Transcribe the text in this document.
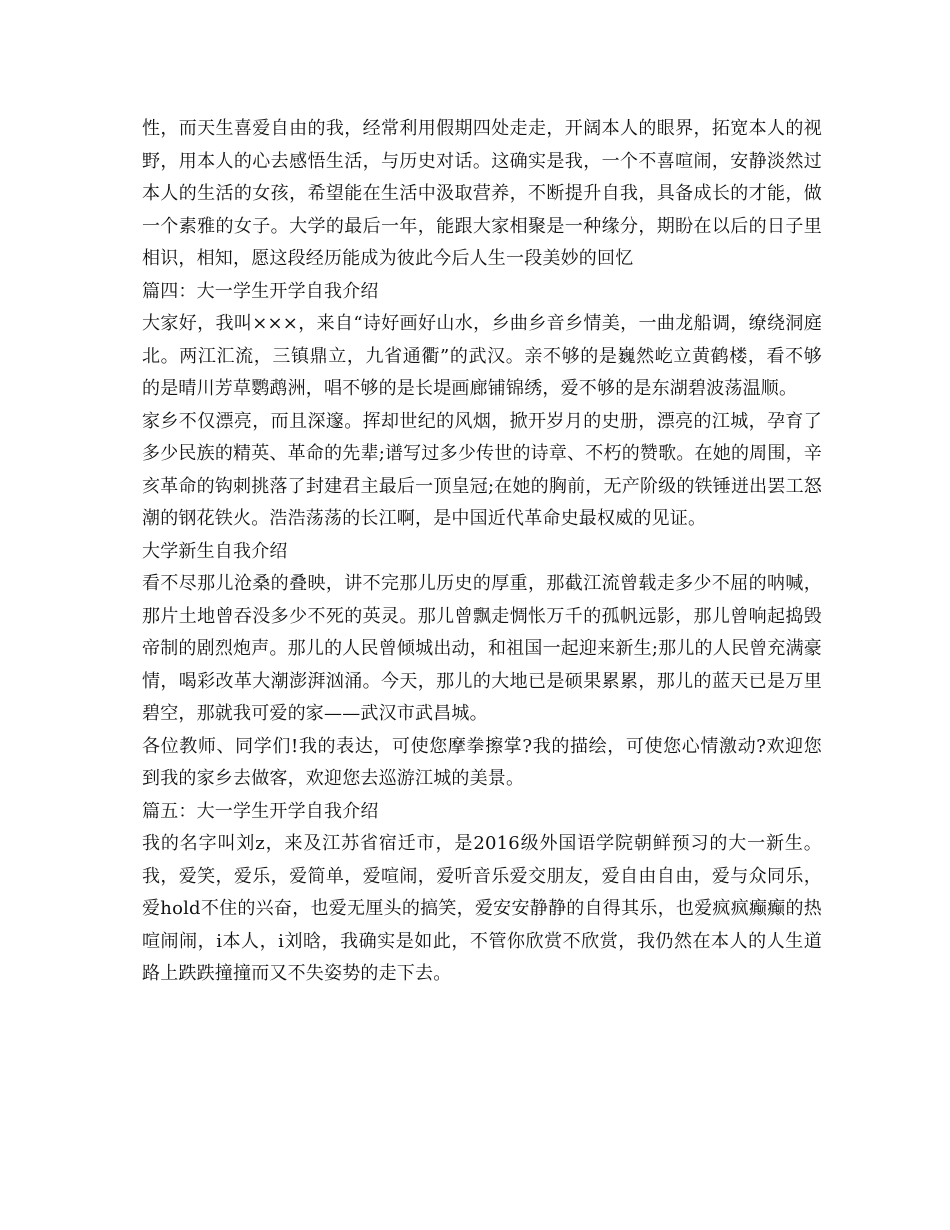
性，而天生喜爱自由的我，经常利用假期四处走走，开阔本人的眼界，拓宽本人的视野，用本人的心去感悟生活，与历史对话。这确实是我，一个不喜喧闹，安静淡然过本人的生活的女孩，希望能在生活中汲取营养，不断提升自我，具备成长的才能，做一个素雅的女子。大学的最后一年，能跟大家相聚是一种缘分，期盼在以后的日子里相识，相知，愿这段经历能成为彼此今后人生一段美妙的回忆

篇四：大一学生开学自我介绍

大家好，我叫×××，来自“诗好画好山水，乡曲乡音乡情美，一曲龙船调，缭绕洞庭北。两江汇流，三镇鼎立，九省通衢”的武汉。亲不够的是巍然屹立黄鹤楼，看不够的是晴川芳草鹦鹉洲，唱不够的是长堤画廊铺锦绣，爱不够的是东湖碧波荡温顺。

家乡不仅漂亮，而且深邃。挥却世纪的风烟，掀开岁月的史册，漂亮的江城，孕育了多少民族的精英、革命的先辈;谱写过多少传世的诗章、不朽的赞歌。在她的周围，辛亥革命的钩刺挑落了封建君主最后一顶皇冠;在她的胸前，无产阶级的铁锤迸出罢工怒潮的钢花铁火。浩浩荡荡的长江啊，是中国近代革命史最权威的见证。

大学新生自我介绍

看不尽那儿沧桑的叠映，讲不完那儿历史的厚重，那截江流曾载走多少不屈的呐喊，那片土地曾吞没多少不死的英灵。那儿曾飘走惆怅万千的孤帆远影，那儿曾响起捣毁帝制的剧烈炮声。那儿的人民曾倾城出动，和祖国一起迎来新生;那儿的人民曾充满豪情，喝彩改革大潮澎湃汹涌。今天，那儿的大地已是硕果累累，那儿的蓝天已是万里碧空，那就我可爱的家——武汉市武昌城。

各位教师、同学们!我的表达，可使您摩拳擦掌?我的描绘，可使您心情激动?欢迎您到我的家乡去做客，欢迎您去巡游江城的美景。

篇五：大一学生开学自我介绍

我的名字叫刘z，来及江苏省宿迁市，是2016级外国语学院朝鲜预习的大一新生。我，爱笑，爱乐，爱简单，爱喧闹，爱听音乐爱交朋友，爱自由自由，爱与众同乐，爱hold不住的兴奋，也爱无厘头的搞笑，爱安安静静的自得其乐，也爱疯疯癫癫的热喧闹闹，i本人，i刘晗，我确实是如此，不管你欣赏不欣赏，我仍然在本人的人生道路上跌跌撞撞而又不失姿势的走下去。
